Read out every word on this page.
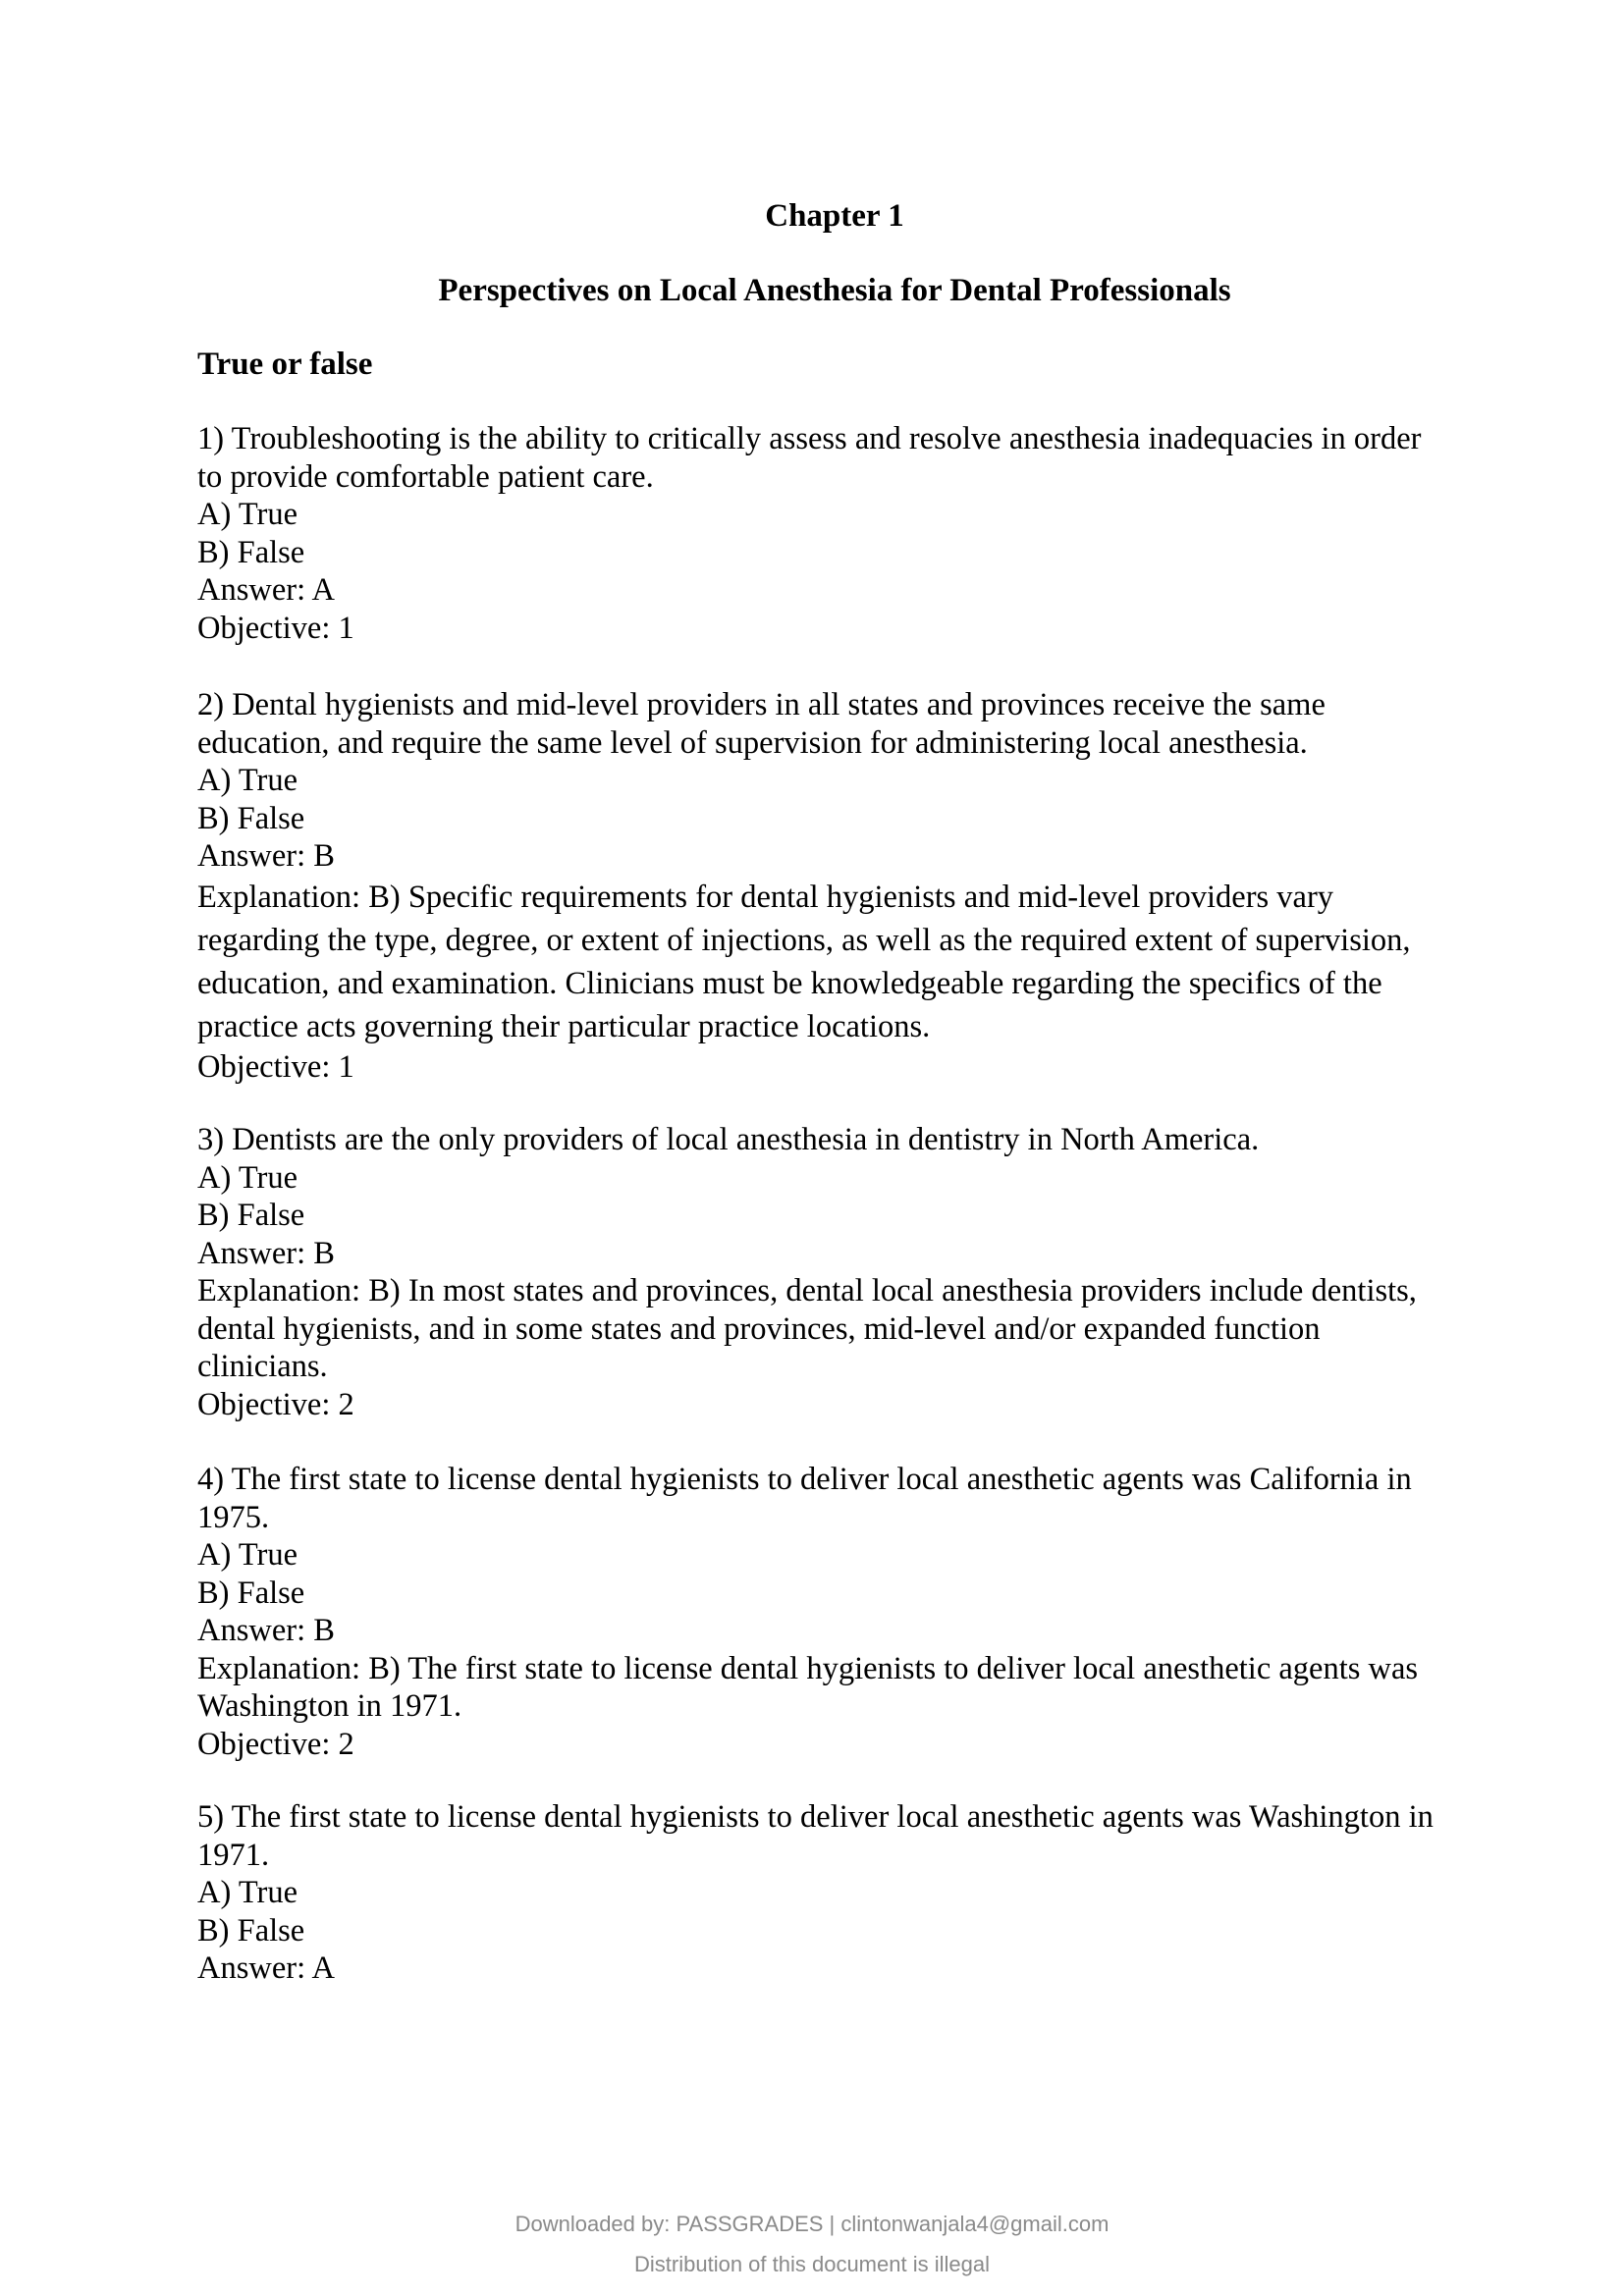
Chapter 1
Perspectives on Local Anesthesia for Dental Professionals
True or false
1) Troubleshooting is the ability to critically assess and resolve anesthesia inadequacies in order
to provide comfortable patient care.
A) True
B) False
Answer: A
Objective: 1
2) Dental hygienists and mid-level providers in all states and provinces receive the same
education, and require the same level of supervision for administering local anesthesia.
A) True
B) False
Answer: B
Explanation: B) Specific requirements for dental hygienists and mid-level providers vary
regarding the type, degree, or extent of injections, as well as the required extent of supervision,
education, and examination. Clinicians must be knowledgeable regarding the specifics of the
practice acts governing their particular practice locations.
Objective: 1
3) Dentists are the only providers of local anesthesia in dentistry in North America.
A) True
B) False
Answer: B
Explanation: B) In most states and provinces, dental local anesthesia providers include dentists,
dental hygienists, and in some states and provinces, mid-level and/or expanded function
clinicians.
Objective: 2
4) The first state to license dental hygienists to deliver local anesthetic agents was California in
1975.
A) True
B) False
Answer: B
Explanation: B) The first state to license dental hygienists to deliver local anesthetic agents was
Washington in 1971.
Objective: 2
5) The first state to license dental hygienists to deliver local anesthetic agents was Washington in
1971.
A) True
B) False
Answer: A
Downloaded by: PASSGRADES | clintonwanjala4@gmail.com
Distribution of this document is illegal
